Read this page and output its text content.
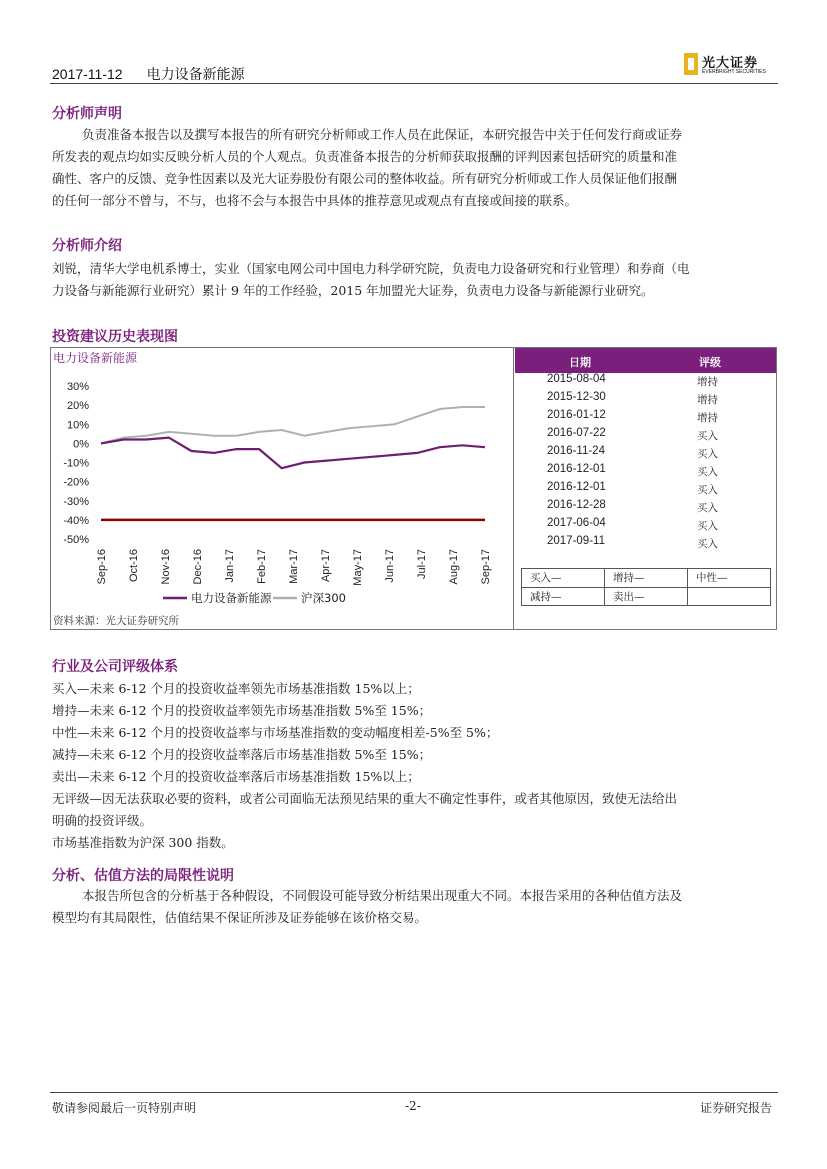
2017-11-12 电力设备新能源
光大证券
EVERBRIGHT SECURITIES
分析师声明
负责准备本报告以及撰写本报告的所有研究分析师或工作人员在此保证，本研究报告中关于任何发行商或证券
所发表的观点均如实反映分析人员的个人观点。负责准备本报告的分析师获取报酬的评判因素包括研究的质量和准
确性、客户的反馈、竞争性因素以及光大证券股份有限公司的整体收益。所有研究分析师或工作人员保证他们报酬
的任何一部分不曾与，不与，也将不会与本报告中具体的推荐意见或观点有直接或间接的联系。
分析师介绍
刘锐，清华大学电机系博士，实业（国家电网公司中国电力科学研究院，负责电力设备研究和行业管理）和券商（电
力设备与新能源行业研究）累计 9 年的工作经验，2015 年加盟光大证券，负责电力设备与新能源行业研究。
投资建议历史表现图
电力设备新能源
30%
20%
10%
0%
-10%
-20%
-30%
-40%
-50%
Sep-16 Oct-16 Nov-16 Dec-16 Jan-17 Feb-17 Mar-17 Apr-17 May-17 Jun-17 Jul-17 Aug-17 Sep-17
电力设备新能源	沪深300
资料来源：光大证券研究所
日期	评级
2015-08-04	增持
2015-12-30	增持
2016-01-12	增持
2016-07-22	买入
2016-11-24	买入
2016-12-01	买入
2016-12-01	买入
2016-12-28	买入
2017-06-04	买入
2017-09-11	买入
买入—	增持—	中性—
减持—	卖出—	
行业及公司评级体系
买入—未来 6-12 个月的投资收益率领先市场基准指数 15%以上；
增持—未来 6-12 个月的投资收益率领先市场基准指数 5%至 15%；
中性—未来 6-12 个月的投资收益率与市场基准指数的变动幅度相差-5%至 5%；
减持—未来 6-12 个月的投资收益率落后市场基准指数 5%至 15%；
卖出—未来 6-12 个月的投资收益率落后市场基准指数 15%以上；
无评级—因无法获取必要的资料，或者公司面临无法预见结果的重大不确定性事件，或者其他原因，致使无法给出
明确的投资评级。
市场基准指数为沪深 300 指数。
分析、估值方法的局限性说明
本报告所包含的分析基于各种假设，不同假设可能导致分析结果出现重大不同。本报告采用的各种估值方法及
模型均有其局限性，估值结果不保证所涉及证券能够在该价格交易。
敬请参阅最后一页特别声明	-2-	证券研究报告
